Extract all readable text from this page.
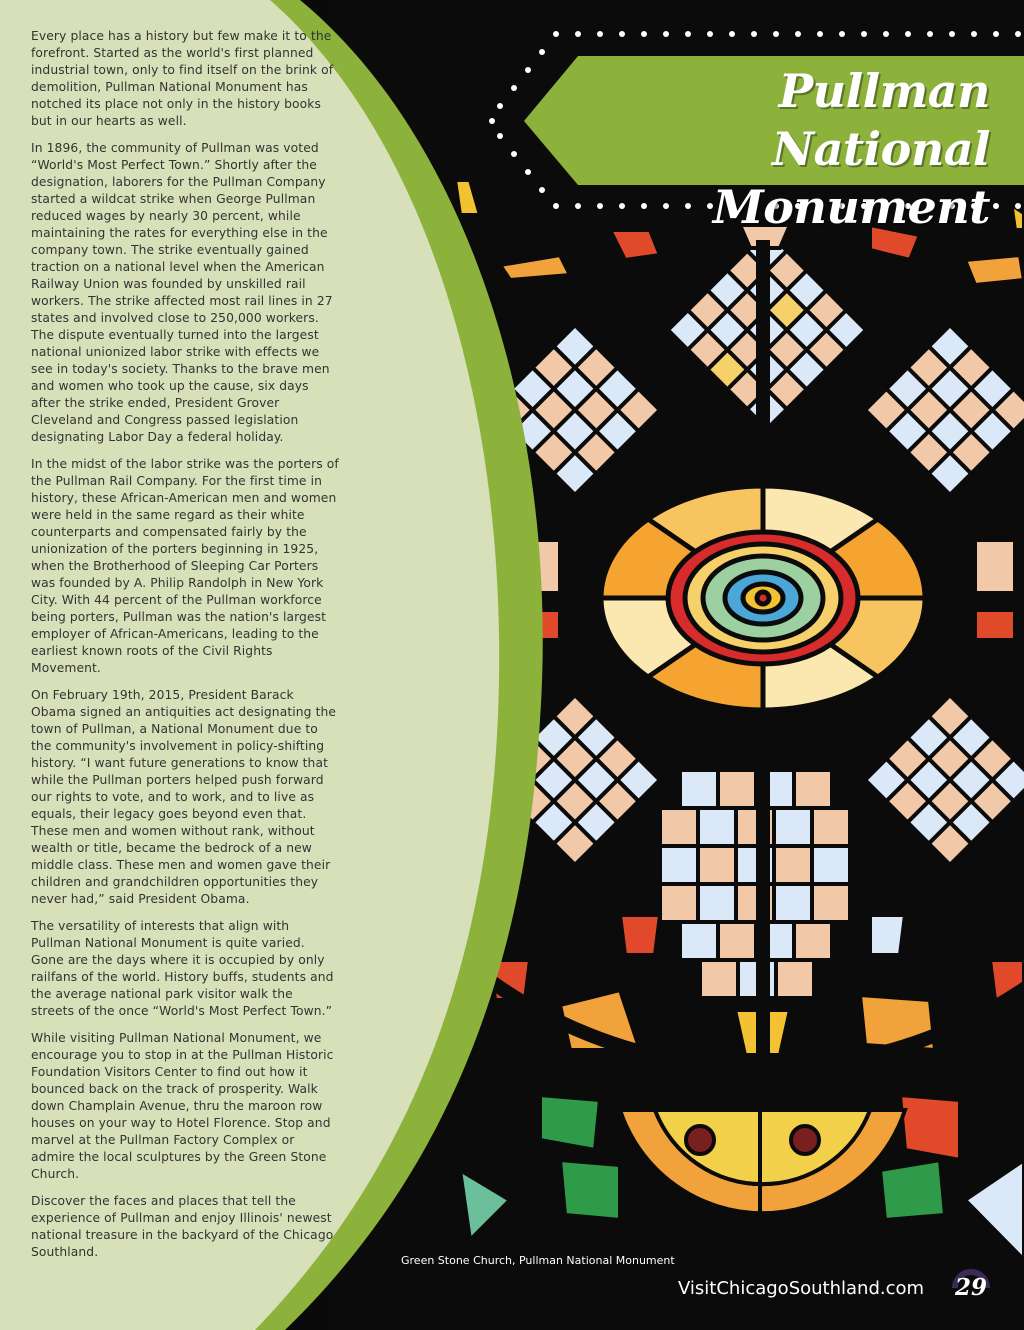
Pullman National
Monument

Every place has a history but few make it to the forefront. Started as the world's first planned industrial town, only to find itself on the brink of demolition, Pullman National Monument has notched its place not only in the history books but in our hearts as well.

In 1896, the community of Pullman was voted “World's Most Perfect Town.” Shortly after the designation, laborers for the Pullman Company started a wildcat strike when George Pullman reduced wages by nearly 30 percent, while maintaining the rates for everything else in the company town. The strike eventually gained traction on a national level when the American Railway Union was founded by unskilled rail workers. The strike affected most rail lines in 27 states and involved close to 250,000 workers. The dispute eventually turned into the largest national unionized labor strike with effects we see in today's society. Thanks to the brave men and women who took up the cause, six days after the strike ended, President Grover Cleveland and Congress passed legislation designating Labor Day a federal holiday.

In the midst of the labor strike was the porters of the Pullman Rail Company. For the first time in history, these African-American men and women were held in the same regard as their white counterparts and compensated fairly by the unionization of the porters beginning in 1925, when the Brotherhood of Sleeping Car Porters was founded by A. Philip Randolph in New York City. With 44 percent of the Pullman workforce being porters, Pullman was the nation's largest employer of African-Americans, leading to the earliest known roots of the Civil Rights Movement.

On February 19th, 2015, President Barack Obama signed an antiquities act designating the town of Pullman, a National Monument due to the community's involvement in policy-shifting history. “I want future generations to know that while the Pullman porters helped push forward our rights to vote, and to work, and to live as equals, their legacy goes beyond even that. These men and women without rank, without wealth or title, became the bedrock of a new middle class. These men and women gave their children and grandchildren opportunities they never had,” said President Obama.

The versatility of interests that align with Pullman National Monument is quite varied. Gone are the days where it is occupied by only railfans of the world. History buffs, students and the average national park visitor walk the streets of the once “World's Most Perfect Town.”

While visiting Pullman National Monument, we encourage you to stop in at the Pullman Historic Foundation Visitors Center to find out how it bounced back on the track of prosperity. Walk down Champlain Avenue, thru the maroon row houses on your way to Hotel Florence. Stop and marvel at the Pullman Factory Complex or admire the local sculptures by the Green Stone Church.

Discover the faces and places that tell the experience of Pullman and enjoy Illinois' newest national treasure in the backyard of the Chicago Southland.

Green Stone Church, Pullman National Monument
VisitChicagoSouthland.com 29
